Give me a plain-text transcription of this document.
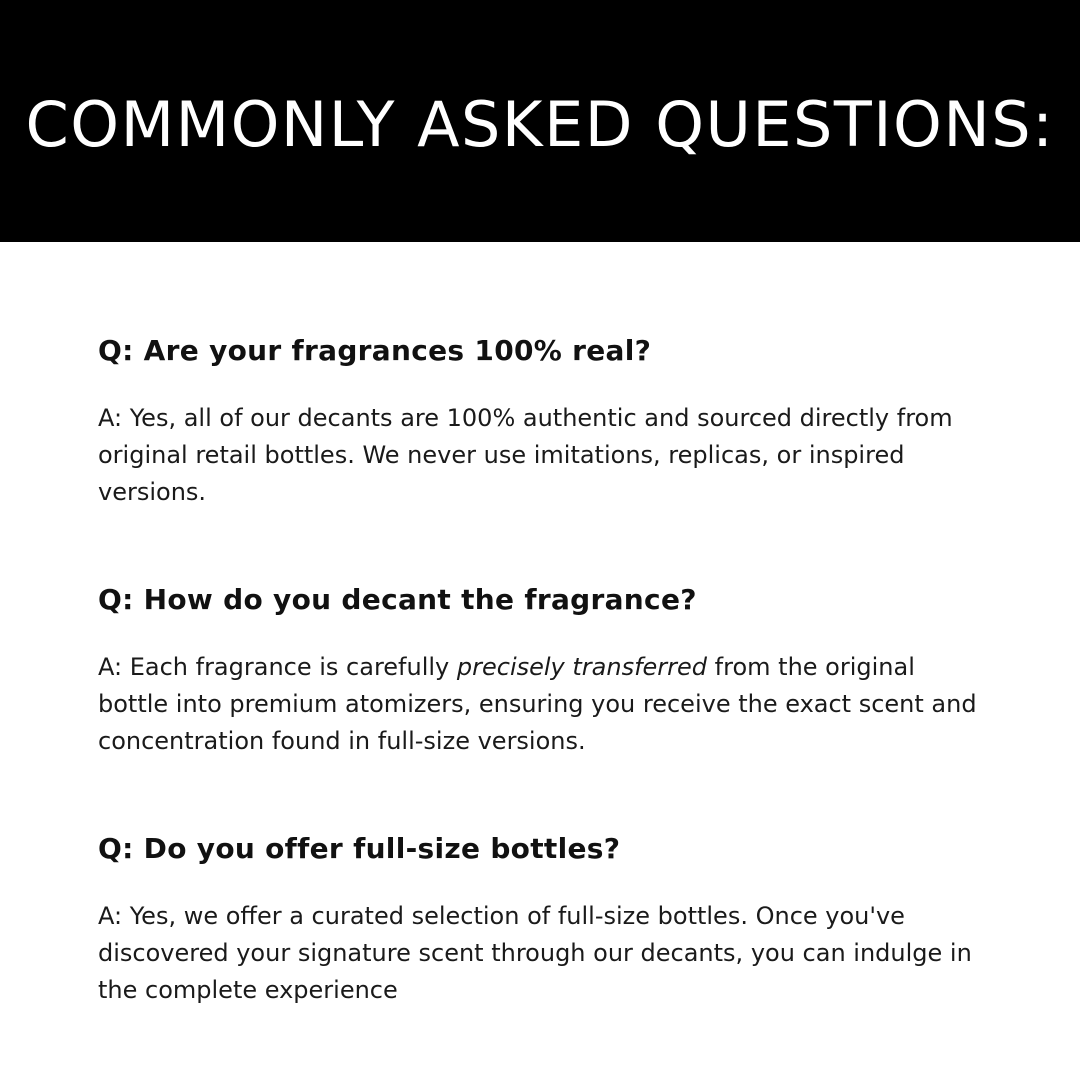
COMMONLY ASKED QUESTIONS:

Q: Are your fragrances 100% real?

A: Yes, all of our decants are 100% authentic and sourced directly from original retail bottles. We never use imitations, replicas, or inspired versions.

Q: How do you decant the fragrance?

A: Each fragrance is carefully precisely transferred from the original bottle into premium atomizers, ensuring you receive the exact scent and concentration found in full-size versions.

Q: Do you offer full-size bottles?

A: Yes, we offer a curated selection of full-size bottles. Once you've discovered your signature scent through our decants, you can indulge in the complete experience
